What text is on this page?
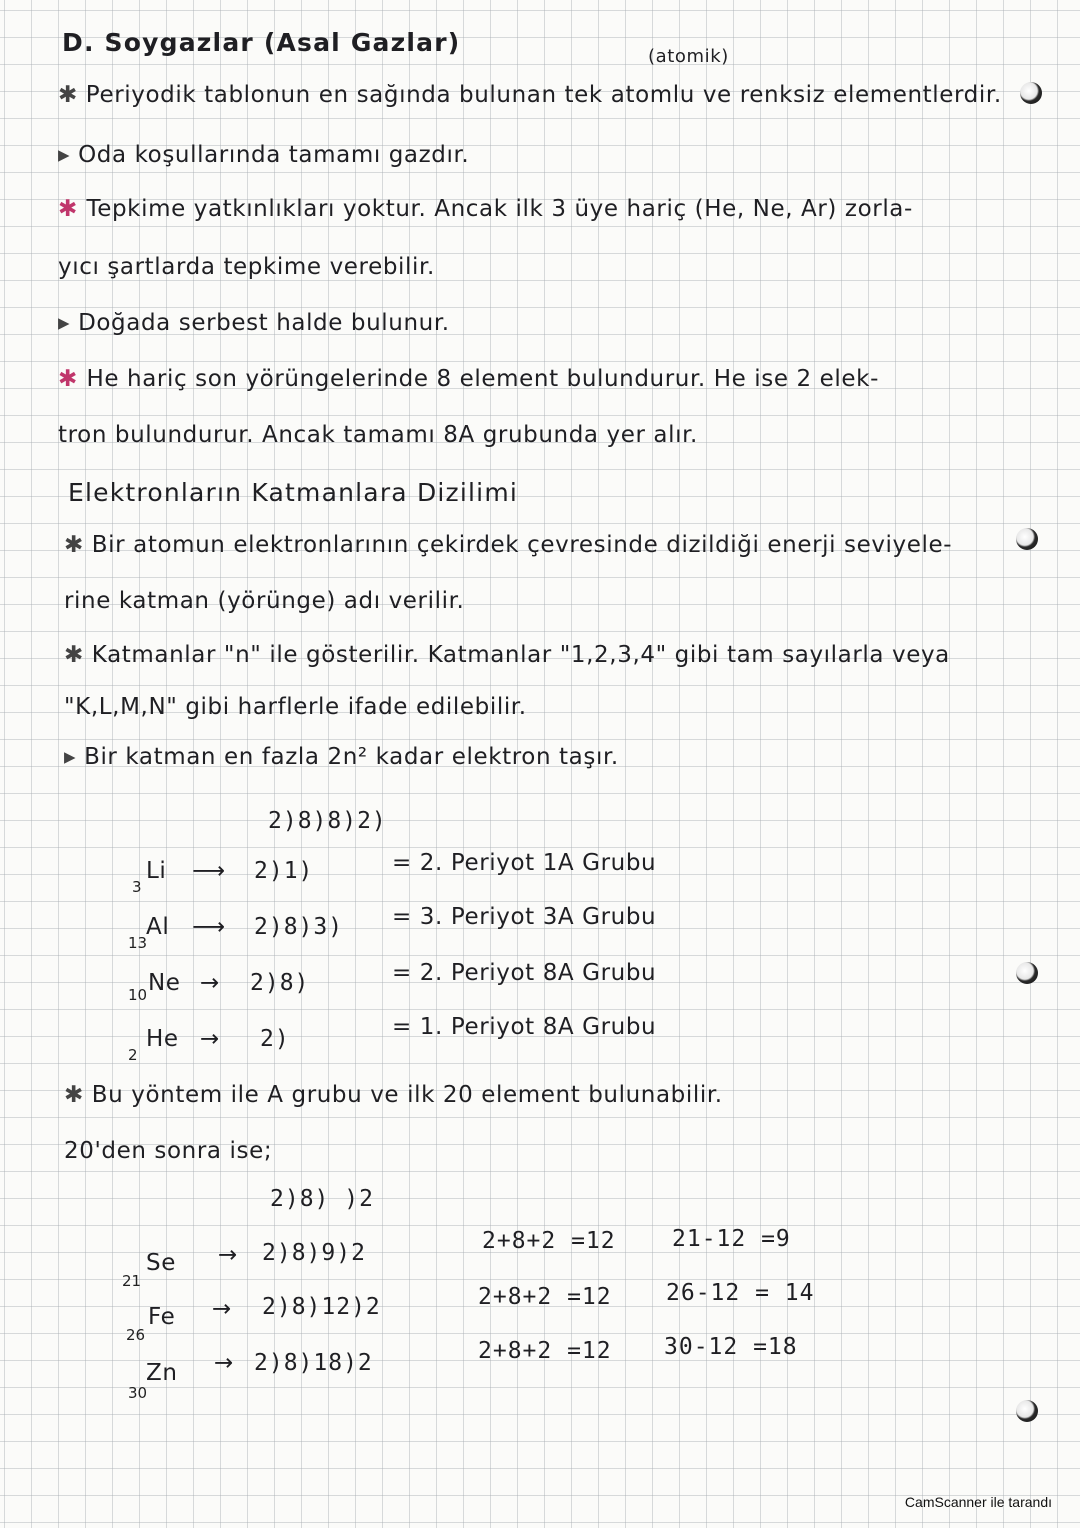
D. Soygazlar (Asal Gazlar)	(atomik)
✱ Periyodik tablonun en sağında bulunan tek atomlu ve renksiz elementlerdir.
▸ Oda koşullarında tamamı gazdır.
✱ Tepkime yatkınlıkları yoktur. Ancak ilk 3 üye hariç (He, Ne, Ar) zorla-
yıcı şartlarda tepkime verebilir.
▸ Doğada serbest halde bulunur.
✱ He hariç son yörüngelerinde 8 element bulundurur. He ise 2 elek-
tron bulundurur. Ancak tamamı 8A grubunda yer alır.
Elektronların Katmanlara Dizilimi
✱ Bir atomun elektronlarının çekirdek çevresinde dizildiği enerji seviyele-
rine katman (yörünge) adı verilir.
✱ Katmanlar "n" ile gösterilir. Katmanlar "1,2,3,4" gibi tam sayılarla veya
"K,L,M,N" gibi harflerle ifade edilebilir.
▸ Bir katman en fazla 2n² kadar elektron taşır.
2)8)8)2)
3
Li ⟶ 2)1)	= 2. Periyot 1A Grubu
13
Al ⟶ 2)8)3) = 3. Periyot 3A Grubu
10 Ne → 2)8)	= 2. Periyot 8A Grubu
2
He → 2)	= 1. Periyot 8A Grubu
✱ Bu yöntem ile A grubu ve ilk 20 element bulunabilir.
20'den sonra ise;
2)8) )2
21
Se → 2)8)9)2	2+8+2 =12 21-12 =9
26
Fe → 2)8)12)2	2+8+2 =12 26-12 = 14
30
Zn → 2)8)18)2	2+8+2 =12 30-12 =18
CamScanner ile tarandı
